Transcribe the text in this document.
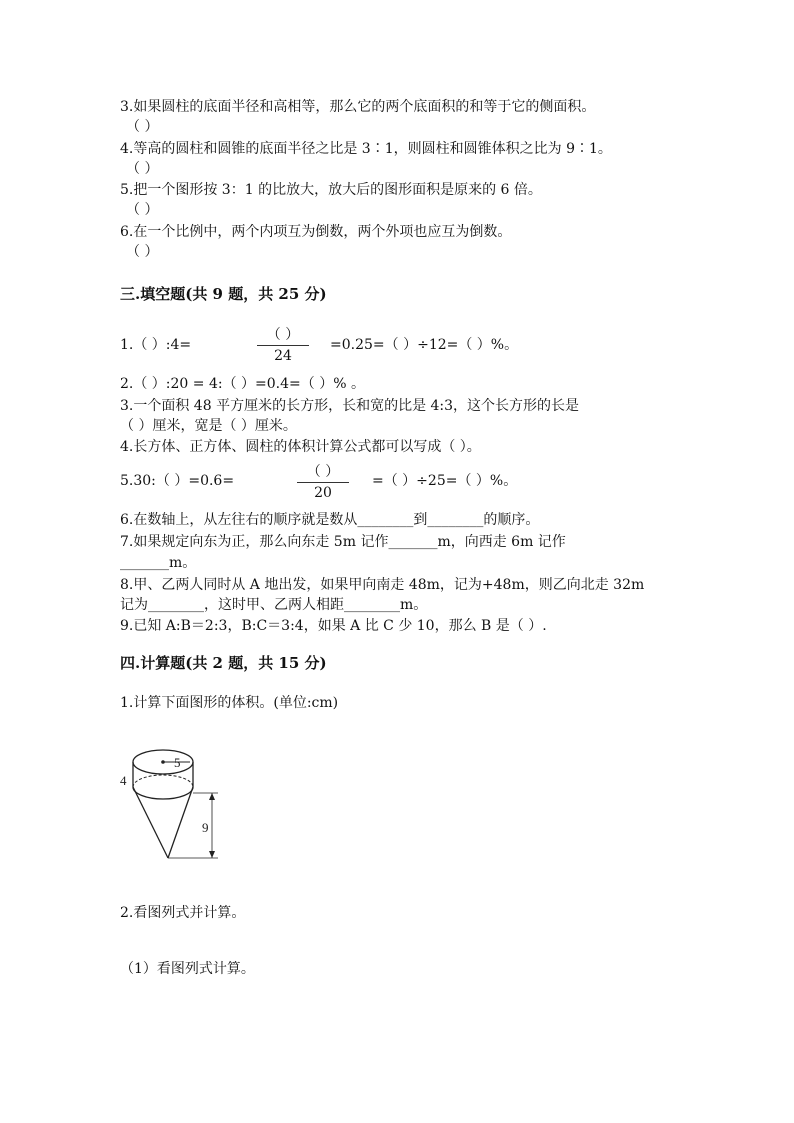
3.如果圆柱的底面半径和高相等，那么它的两个底面积的和等于它的侧面积。
（ ）
4.等高的圆柱和圆锥的底面半径之比是 3∶1，则圆柱和圆锥体积之比为 9∶1。
（ ）
5.把一个图形按 3：1 的比放大，放大后的图形面积是原来的 6 倍。
（ ）
6.在一个比例中，两个内项互为倒数，两个外项也应互为倒数。
（ ）
三.填空题(共 9 题，共 25 分)
1.（ ）:4=
（ ）
24
=0.25=（ ）÷12=（ ）%。
2.（ ）:20 = 4:（ ）=0.4=（ ）% 。
3.一个面积 48 平方厘米的长方形，长和宽的比是 4:3，这个长方形的长是
（ ）厘米，宽是（ ）厘米。
4.长方体、正方体、圆柱的体积计算公式都可以写成（ ）。
5.30:（ ）=0.6=
（ ）
20
=（ ）÷25=（ ）%。
6.在数轴上，从左往右的顺序就是数从________到________的顺序。
7.如果规定向东为正，那么向东走 5m 记作_______m，向西走 6m 记作
_______m。
8.甲、乙两人同时从 A 地出发，如果甲向南走 48m，记为+48m，则乙向北走 32m
记为________，这时甲、乙两人相距________m。
9.已知 A:B＝2:3，B:C＝3:4，如果 A 比 C 少 10，那么 B 是（ ）.
四.计算题(共 2 题，共 15 分)
1.计算下面图形的体积。(单位:cm)
5
4
9
2.看图列式并计算。
（1）看图列式计算。
